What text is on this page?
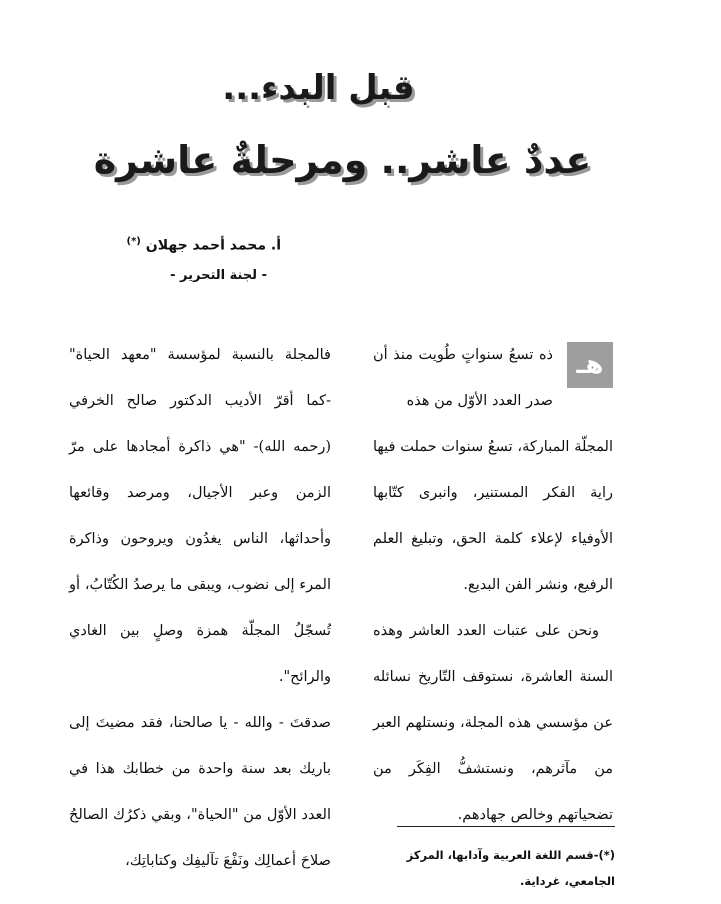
قبل البدء...
عددٌ عاشر.. ومرحلةٌ عاشرة
أ. محمد أحمد جهلان (*)
- لجنة التحرير -
هـ

ذه تسعُ سنواتٍ طُويت منذ أن صدر العدد الأوّل من هذه

المجلّة المباركة، تسعُ سنوات حملت فيها راية الفكر المستنير، وانبرى كتّابها الأوفياء لإعلاء كلمة الحق، وتبليغ العلم الرفيع، ونشر الفن البديع.

ونحن على عتبات العدد العاشر وهذه السنة العاشرة، نستوقف التّاريخ نسائله عن مؤسسي هذه المجلة، ونستلهم العبر من مآثرهم، ونستشفُّ الفِكَر من تضحياتهم وخالص جهادهم.

فالمجلة بالنسبة لمؤسسة "معهد الحياة" -كما أقرّ الأديب الدكتور صالح الخرفي (رحمه الله)- "هي ذاكرة أمجادها على مرّ الزمن وعبر الأجيال، ومرصد وقائعها وأحداثها، الناس يغدُون ويروحون وذاكرة المرء إلى نضوب، ويبقى ما يرصدُ الكُتّابُ، أو تُسجّلُ المجلّة همزة وصلٍ بين الغادي والرائح".

صدقتَ - والله - يا صالحنا، فقد مضيتَ إلى باريك بعد سنة واحدة من خطابك هذا في العدد الأوّل من "الحياة"، وبقي ذكرُك الصالحُ صلاحَ أعمالِك ونَفْعَ تآليفِك وكتاباتِك،	(*)-قسم اللغة العربية وآدابها، المركز الجامعي، غرداية.
